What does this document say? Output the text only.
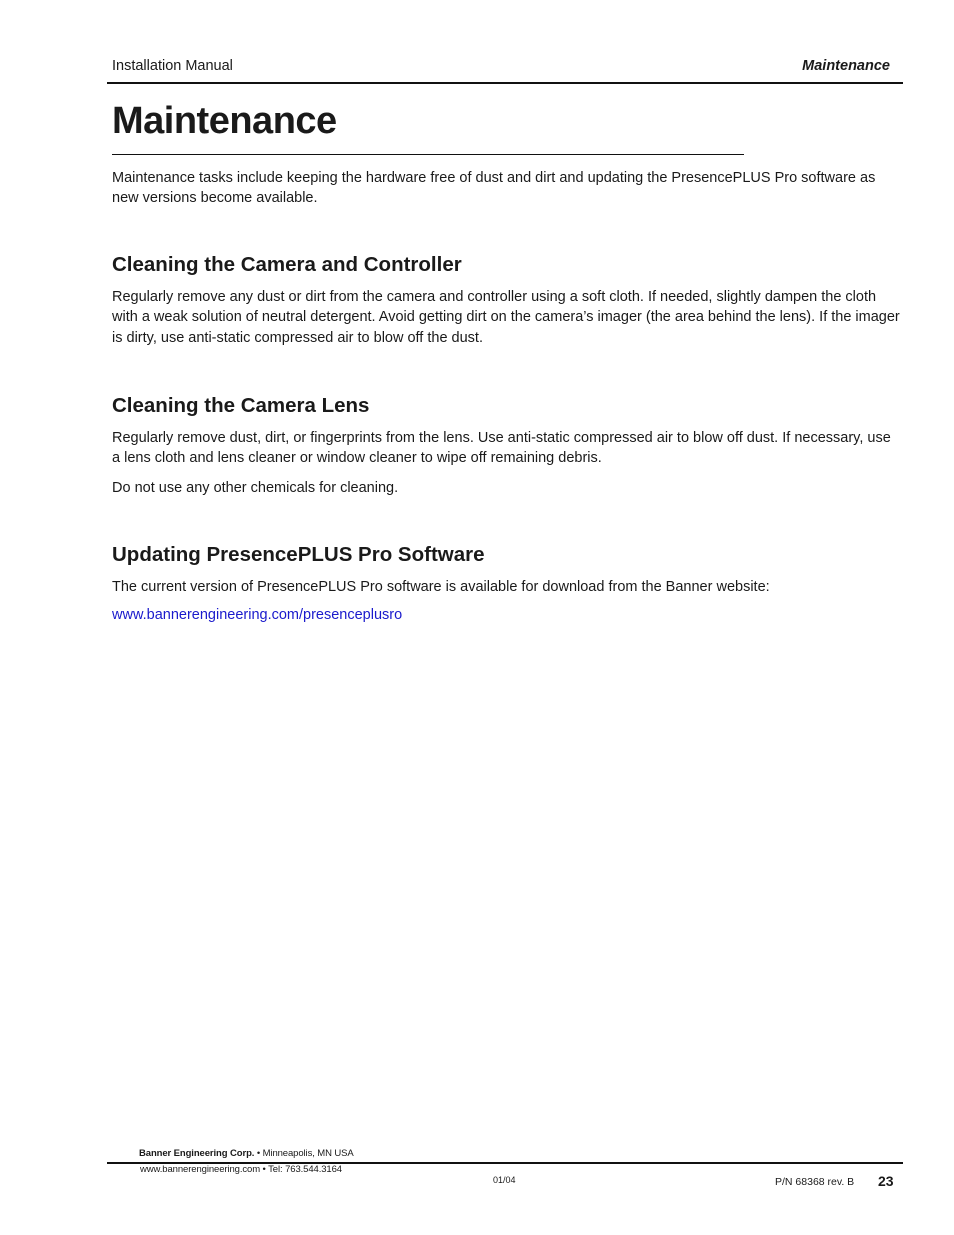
Installation Manual	Maintenance
Maintenance

Maintenance tasks include keeping the hardware free of dust and dirt and updating the PresencePLUS Pro software as new versions become available.

Cleaning the Camera and Controller

Regularly remove any dust or dirt from the camera and controller using a soft cloth. If needed, slightly dampen the cloth with a weak solution of neutral detergent. Avoid getting dirt on the camera’s imager (the area behind the lens). If the imager is dirty, use anti-static compressed air to blow off the dust.

Cleaning the Camera Lens

Regularly remove dust, dirt, or fingerprints from the lens. Use anti-static compressed air to blow off dust. If necessary, use a lens cloth and lens cleaner or window cleaner to wipe off remaining debris.

Do not use any other chemicals for cleaning.

Updating PresencePLUS Pro Software

The current version of PresencePLUS Pro software is available for download from the Banner website:

www.bannerengineering.com/presenceplusro
Banner Engineering Corp. • Minneapolis, MN USA
www.bannerengineering.com • Tel: 763.544.3164
01/04	P/N 68368 rev. B 23
